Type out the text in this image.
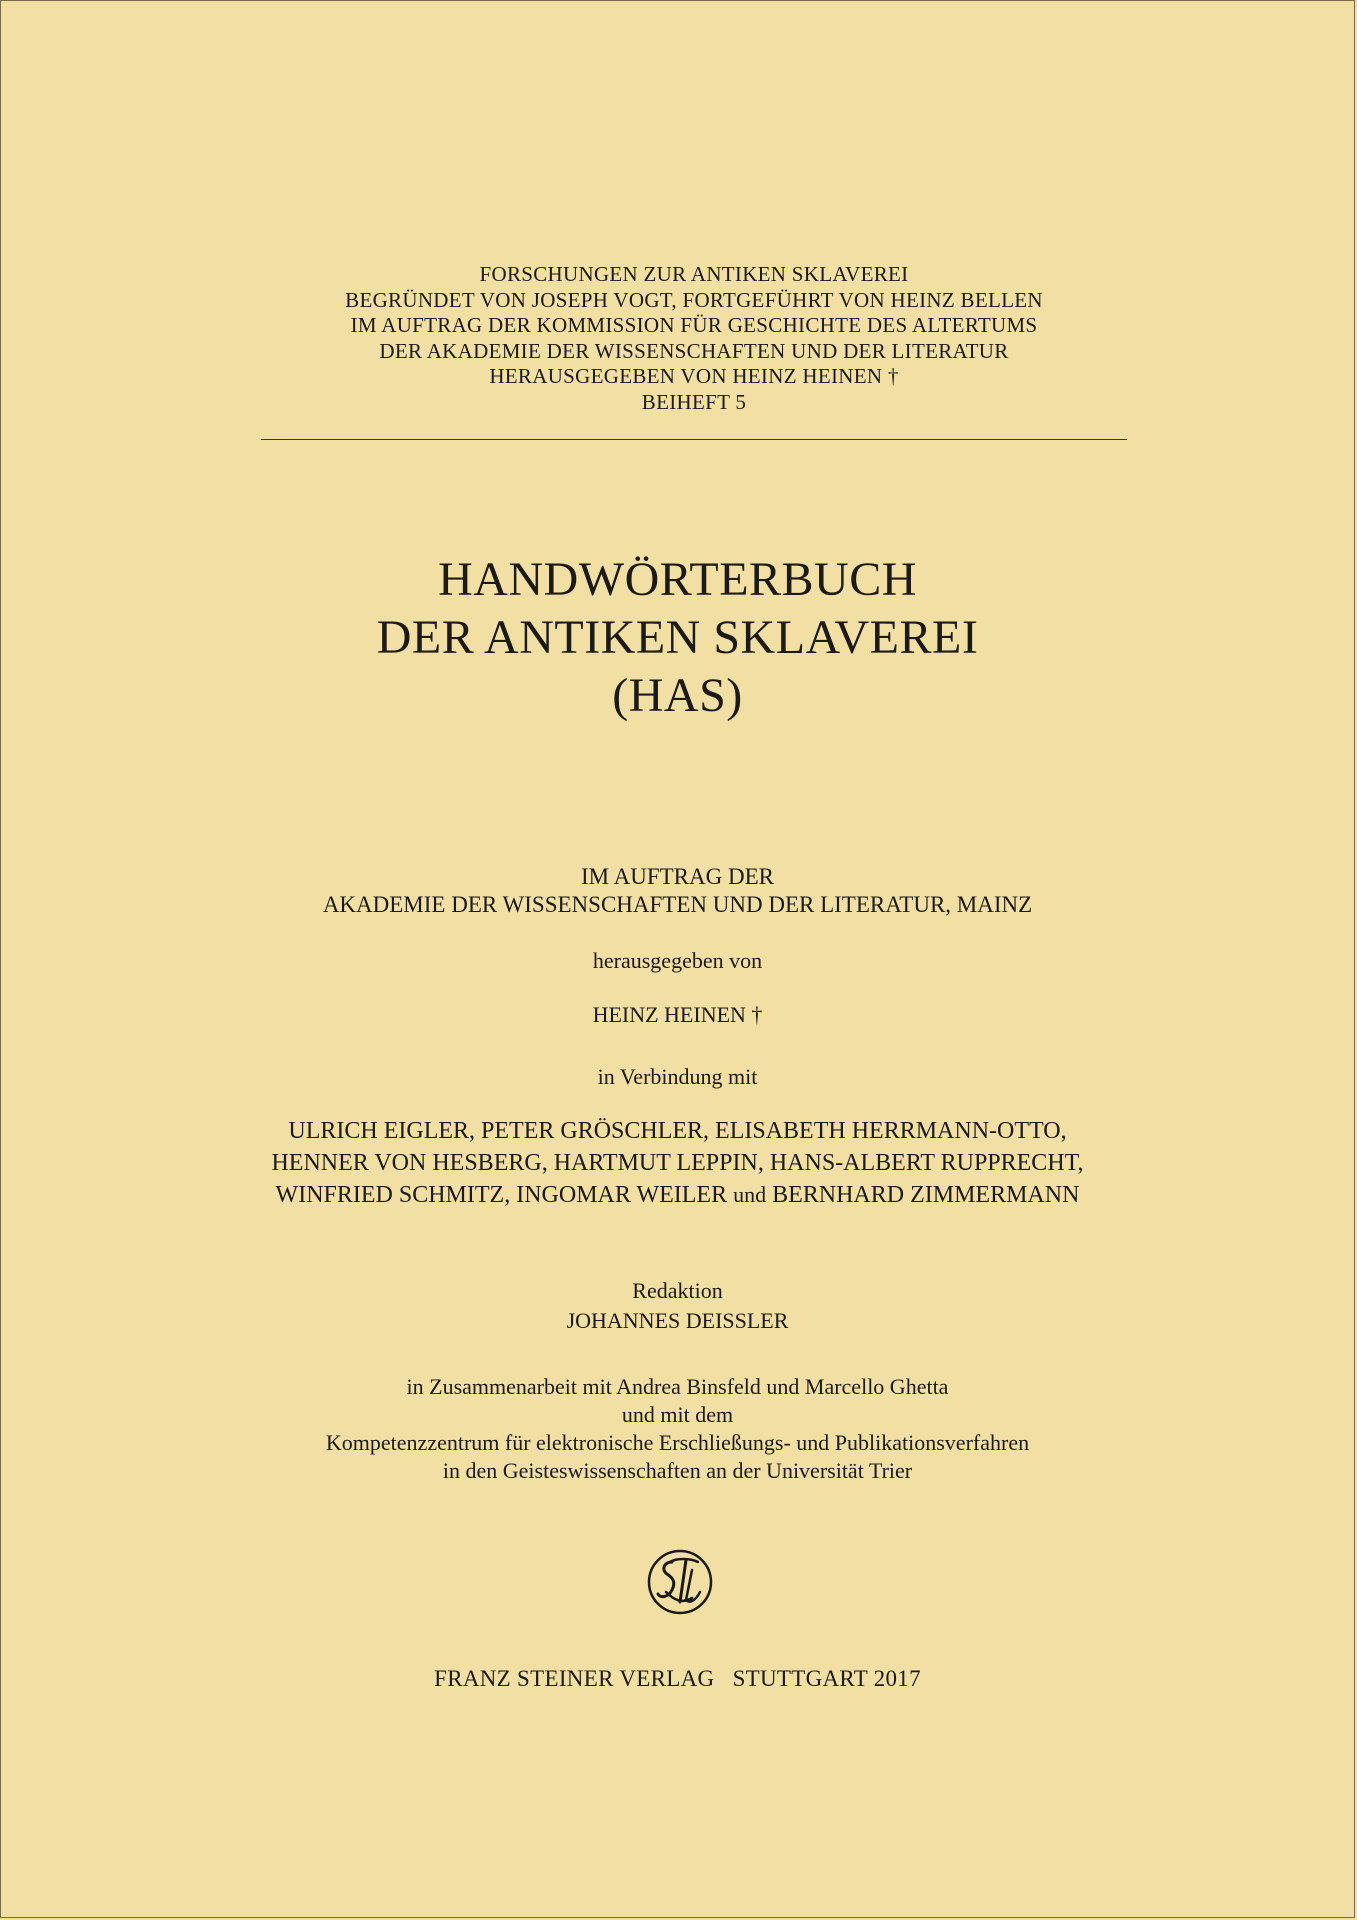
FORSCHUNGEN ZUR ANTIKEN SKLAVEREI
BEGRÜNDET VON JOSEPH VOGT, FORTGEFÜHRT VON HEINZ BELLEN
IM AUFTRAG DER KOMMISSION FÜR GESCHICHTE DES ALTERTUMS
DER AKADEMIE DER WISSENSCHAFTEN UND DER LITERATUR
HERAUSGEGEBEN VON HEINZ HEINEN †
BEIHEFT 5
HANDWÖRTERBUCH
DER ANTIKEN SKLAVEREI
(HAS)
IM AUFTRAG DER
AKADEMIE DER WISSENSCHAFTEN UND DER LITERATUR, MAINZ
herausgegeben von
HEINZ HEINEN †
in Verbindung mit
ULRICH EIGLER, PETER GRÖSCHLER, ELISABETH HERRMANN-OTTO,
HENNER VON HESBERG, HARTMUT LEPPIN, HANS-ALBERT RUPPRECHT,
WINFRIED SCHMITZ, INGOMAR WEILER und BERNHARD ZIMMERMANN
Redaktion
JOHANNES DEISSLER
in Zusammenarbeit mit Andrea Binsfeld und Marcello Ghetta
und mit dem
Kompetenzzentrum für elektronische Erschließungs- und Publikationsverfahren
in den Geisteswissenschaften an der Universität Trier
FRANZ STEINER VERLAG   STUTTGART 2017
